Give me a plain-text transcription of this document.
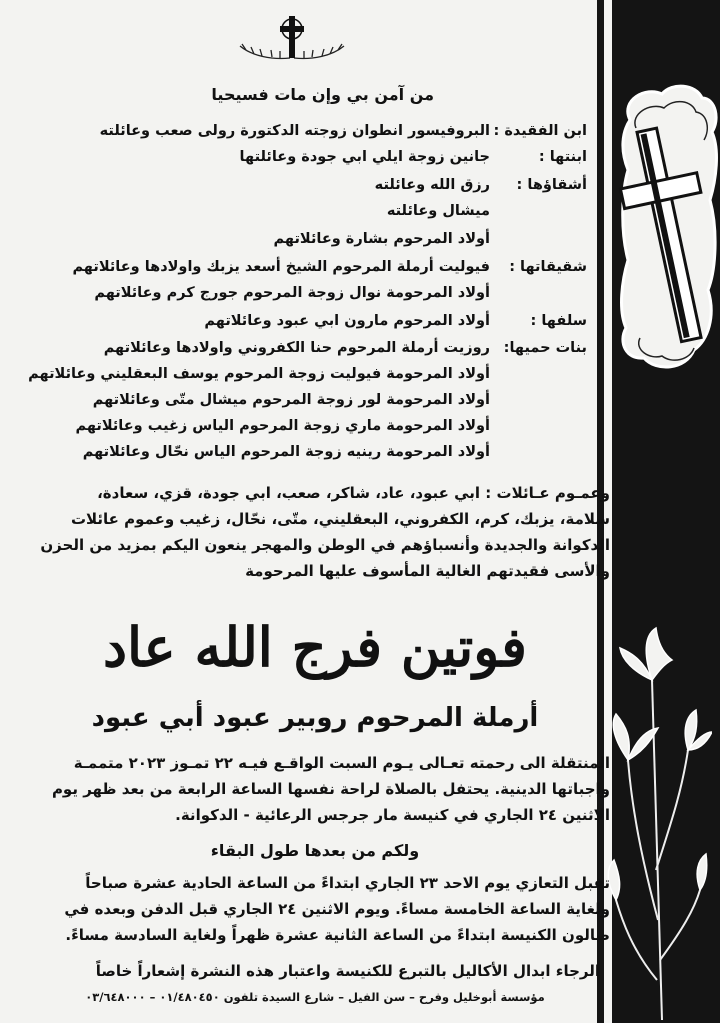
من آمن بي وإن مات فسيحيا
ابن الفقيدة :
البروفيسور انطوان زوجته الدكتورة رولى صعب وعائلته
ابنتها :
جانين زوجة ايلي ابي جودة وعائلتها
أشقاؤها :
رزق الله وعائلته
ميشال وعائلته
أولاد المرحوم بشارة وعائلاتهم
شقيقاتها :
فيوليت أرملة المرحوم الشيخ أسعد يزبك واولادها وعائلاتهم
أولاد المرحومة نوال زوجة المرحوم جورج كرم وعائلاتهم
سلفها :
أولاد المرحوم مارون ابي عبود وعائلاتهم
بنات حميها:
روزيت أرملة المرحوم حنا الكفروني واولادها وعائلاتهم
أولاد المرحومة فيوليت زوجة المرحوم يوسف البعقليني وعائلاتهم
أولاد المرحومة لور زوجة المرحوم ميشال متّى وعائلاتهم
أولاد المرحومة ماري زوجة المرحوم الياس زغيب وعائلاتهم
أولاد المرحومة رينيه زوجة المرحوم الياس نحّال وعائلاتهم
وعمـوم عـائلات : ابي عبود، عاد، شاكر، صعب، ابي جودة، قزي، سعادة،
سلامة، يزبك، كرم، الكفروني، البعقليني، متّى، نحّال، زغيب وعموم عائلات
الدكوانة والجديدة وأنسباؤهم في الوطن والمهجر ينعون اليكم بمزيد من الحزن
والأسى فقيدتهم الغالية المأسوف عليها المرحومة
فوتين فرج الله عاد
أرملة المرحوم روبير عبود أبي عبود
المنتقلة الى رحمته تعـالى يـوم السبت الواقـع فيـه ٢٢ تمـوز ٢٠٢٣ متممـة
واجباتها الدينية. يحتفل بالصلاة لراحة نفسها الساعة الرابعة من بعد ظهر يوم
الاثنين ٢٤ الجاري في كنيسة مار جرجس الرعائية - الدكوانة.
ولكم من بعدها طول البقاء
تقبل التعازي يوم الاحد ٢٣ الجاري ابتداءً من الساعة الحادية عشرة صباحاً
ولغاية الساعة الخامسة مساءً. ويوم الاثنين ٢٤ الجاري قبل الدفن وبعده في
صالون الكنيسة ابتداءً من الساعة الثانية عشرة ظهراً ولغاية السادسة مساءً.
الرجاء ابدال الأكاليل بالتبرع للكنيسة واعتبار هذه النشرة إشعاراً خاصاً
مؤسسة أبوخليل وفرح – سن الفيل – شارع السيدة تلفون ٠١/٤٨٠٤٥٠ – ٠٣/٦٤٨٠٠٠
